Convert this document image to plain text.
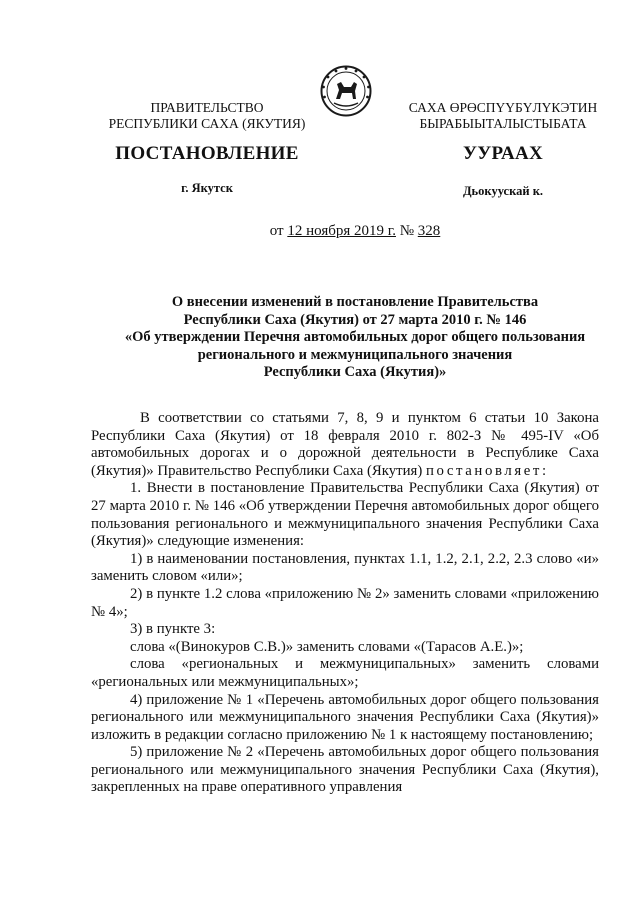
ПРАВИТЕЛЬСТВО
РЕСПУБЛИКИ САХА (ЯКУТИЯ)
САХА ӨРӨСПҮҮБҮЛҮКЭТИН
БЫРАБЫЫТАЛЫСТЫБАТА
ПОСТАНОВЛЕНИЕ	УУРААХ
г. Якутск	Дьокуускай к.
от 12 ноября 2019 г. № 328
О внесении изменений в постановление Правительства
Республики Саха (Якутия) от 27 марта 2010 г. № 146
«Об утверждении Перечня автомобильных дорог общего пользования
регионального и межмуниципального значения
Республики Саха (Якутия)»

В соответствии со статьями 7, 8, 9 и пунктом 6 статьи 10 Закона Республики Саха (Якутия) от 18 февраля 2010 г. 802-З № 495-IV «Об автомобильных дорогах и о дорожной деятельности в Республике Саха (Якутия)» Правительство Республики Саха (Якутия) постановляет:

1. Внести в постановление Правительства Республики Саха (Якутия) от 27 марта 2010 г. № 146 «Об утверждении Перечня автомобильных дорог общего пользования регионального и межмуниципального значения Республики Саха (Якутия)» следующие изменения:

1) в наименовании постановления, пунктах 1.1, 1.2, 2.1, 2.2, 2.3 слово «и» заменить словом «или»;

2) в пункте 1.2 слова «приложению № 2» заменить словами «приложению № 4»;

3) в пункте 3:

слова «(Винокуров С.В.)» заменить словами «(Тарасов А.Е.)»;

слова «региональных и межмуниципальных» заменить словами «региональных или межмуниципальных»;

4) приложение № 1 «Перечень автомобильных дорог общего пользования регионального или межмуниципального значения Республики Саха (Якутия)» изложить в редакции согласно приложению № 1 к настоящему постановлению;

5) приложение № 2 «Перечень автомобильных дорог общего пользования регионального или межмуниципального значения Республики Саха (Якутия), закрепленных на праве оперативного управления
